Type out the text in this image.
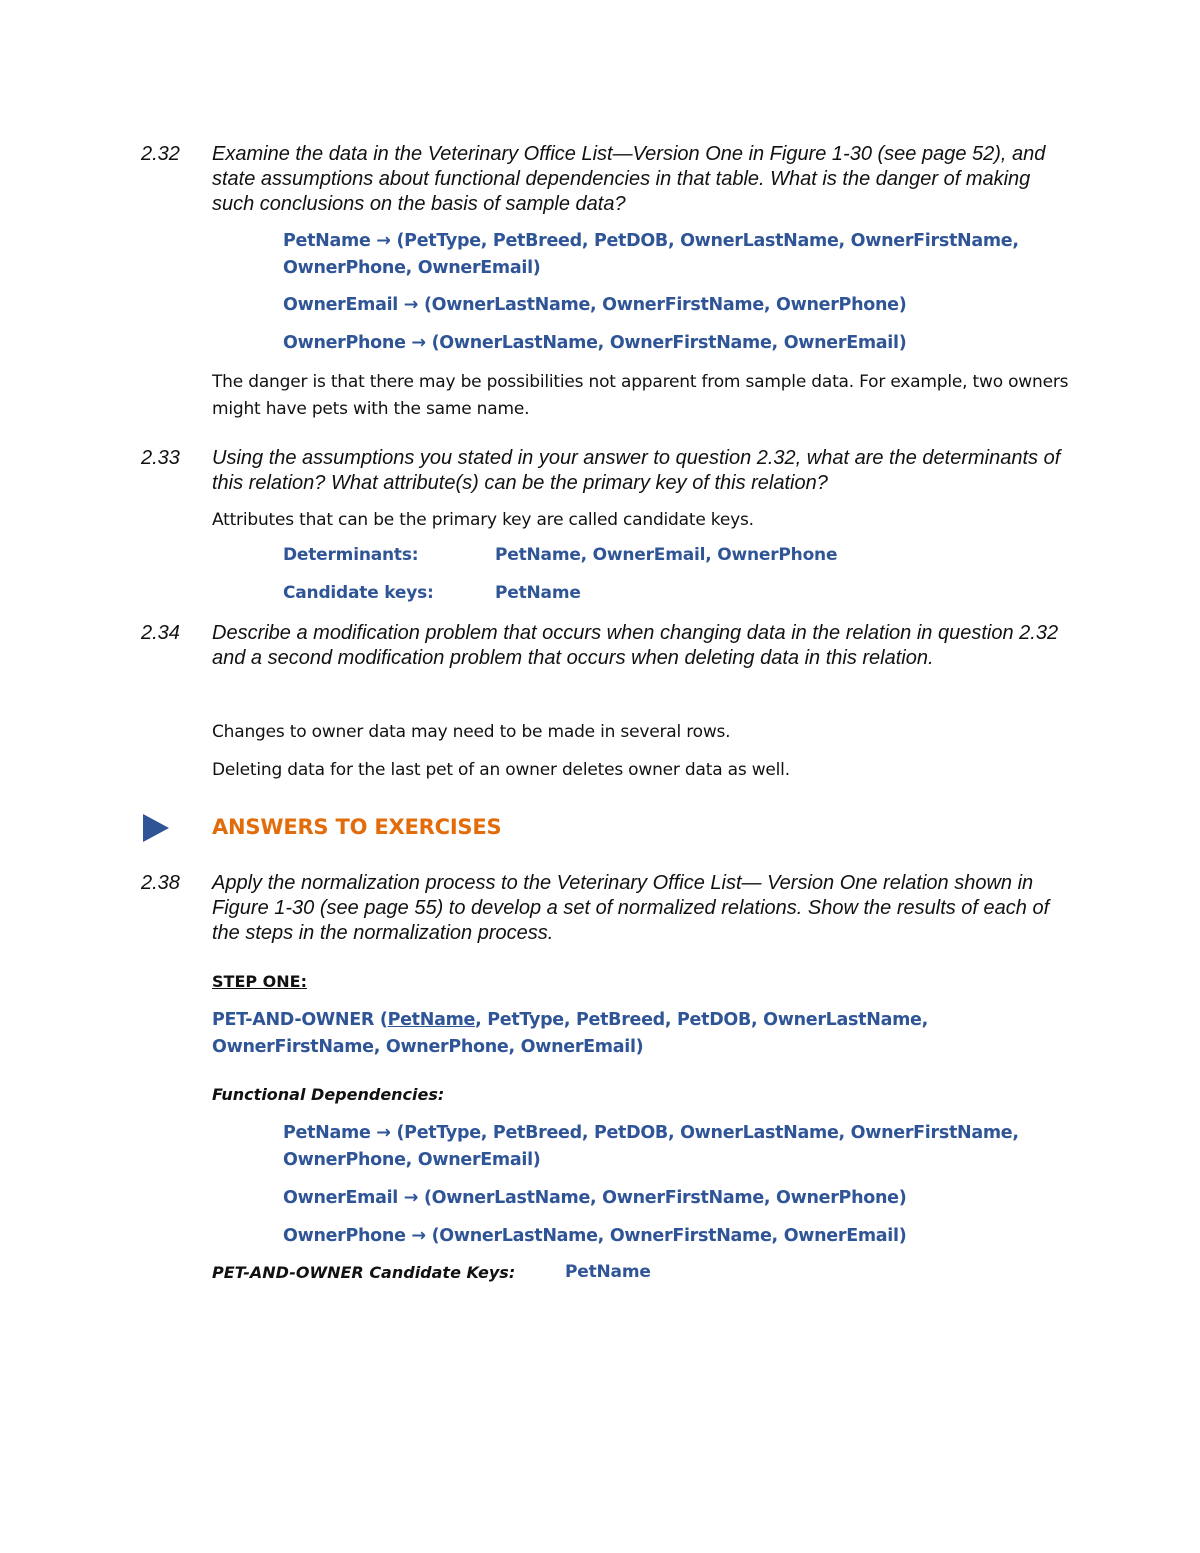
2.32 Examine the data in the Veterinary Office List—Version One in Figure 1-30 (see page 52), and state assumptions about functional dependencies in that table. What is the danger of making such conclusions on the basis of sample data?
PetName → (PetType, PetBreed, PetDOB, OwnerLastName, OwnerFirstName, OwnerPhone, OwnerEmail)
OwnerEmail → (OwnerLastName, OwnerFirstName, OwnerPhone)
OwnerPhone → (OwnerLastName, OwnerFirstName, OwnerEmail)
The danger is that there may be possibilities not apparent from sample data. For example, two owners might have pets with the same name.
2.33 Using the assumptions you stated in your answer to question 2.32, what are the determinants of this relation? What attribute(s) can be the primary key of this relation?
Attributes that can be the primary key are called candidate keys.
Determinants:	PetName, OwnerEmail, OwnerPhone
Candidate keys:	PetName
2.34 Describe a modification problem that occurs when changing data in the relation in question 2.32 and a second modification problem that occurs when deleting data in this relation.
Changes to owner data may need to be made in several rows.
Deleting data for the last pet of an owner deletes owner data as well.
ANSWERS TO EXERCISES
2.38 Apply the normalization process to the Veterinary Office List— Version One relation shown in Figure 1-30 (see page 55) to develop a set of normalized relations. Show the results of each of the steps in the normalization process.
STEP ONE:
PET-AND-OWNER (PetName, PetType, PetBreed, PetDOB, OwnerLastName, OwnerFirstName, OwnerPhone, OwnerEmail)
Functional Dependencies:
PetName → (PetType, PetBreed, PetDOB, OwnerLastName, OwnerFirstName, OwnerPhone, OwnerEmail)
OwnerEmail → (OwnerLastName, OwnerFirstName, OwnerPhone)
OwnerPhone → (OwnerLastName, OwnerFirstName, OwnerEmail)
PET-AND-OWNER Candidate Keys:	PetName
